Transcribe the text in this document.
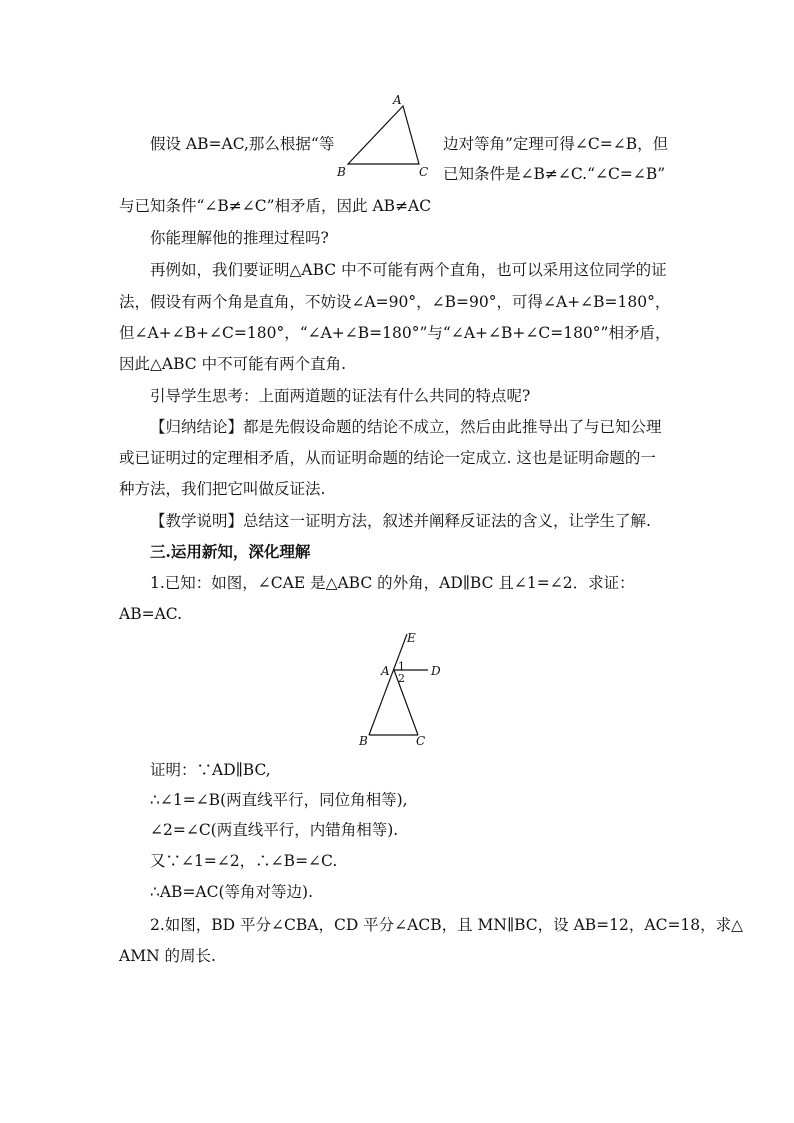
假设 AB=AC,那么根据“等
A
B	C
边对等角”定理可得∠C=∠B，但
已知条件是∠B≠∠C.“∠C=∠B”
与已知条件“∠B≠∠C”相矛盾，因此 AB≠AC
你能理解他的推理过程吗?
再例如，我们要证明△ABC 中不可能有两个直角，也可以采用这位同学的证
法，假设有两个角是直角，不妨设∠A=90°，∠B=90°，可得∠A+∠B=180°，
但∠A+∠B+∠C=180°，“∠A+∠B=180°”与“∠A+∠B+∠C=180°”相矛盾，
因此△ABC 中不可能有两个直角.
引导学生思考：上面两道题的证法有什么共同的特点呢?
【归纳结论】都是先假设命题的结论不成立，然后由此推导出了与已知公理
或已证明过的定理相矛盾，从而证明命题的结论一定成立. 这也是证明命题的一
种方法，我们把它叫做反证法.
【教学说明】总结这一证明方法，叙述并阐释反证法的含义，让学生了解.
三.运用新知，深化理解
1.已知：如图，∠CAE 是△ABC 的外角，AD∥BC 且∠1=∠2．求证：
AB=AC.
E
A 1
2
D
B	C
证明：∵AD∥BC,
∴∠1=∠B(两直线平行，同位角相等),
∠2=∠C(两直线平行，内错角相等).
又∵∠1=∠2，∴∠B=∠C.
∴AB=AC(等角对等边).
2.如图，BD 平分∠CBA，CD 平分∠ACB，且 MN∥BC，设 AB=12，AC=18，求△
AMN 的周长.
